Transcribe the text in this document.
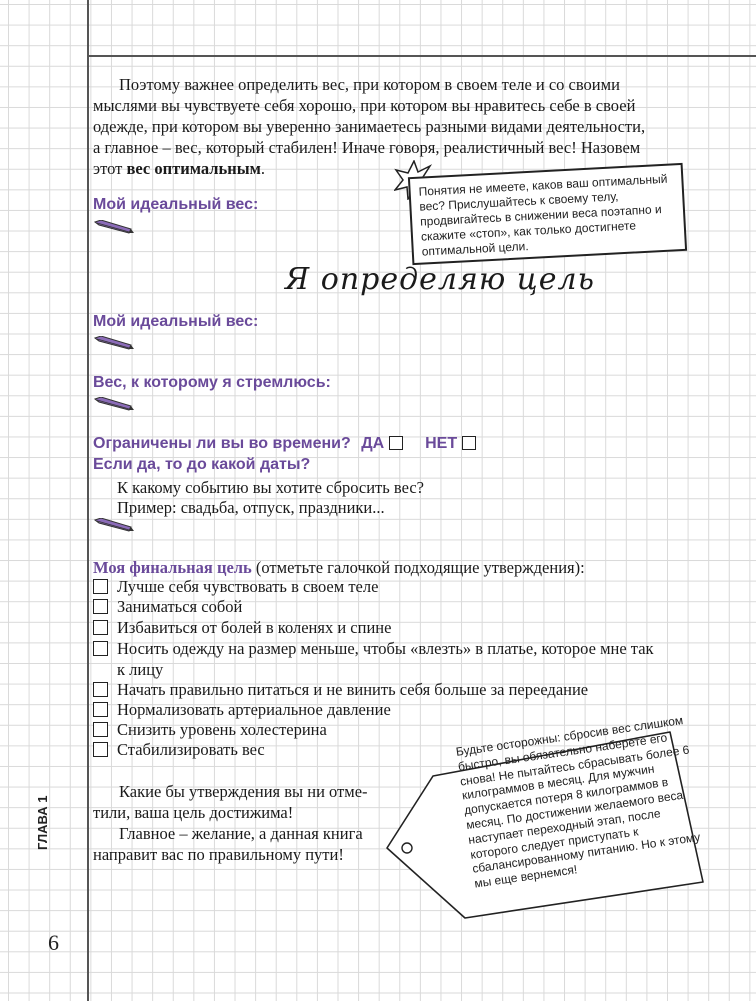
Поэтому важнее определить вес, при котором в своем теле и со своими
мыслями вы чувствуете себя хорошо, при котором вы нравитесь себе в своей
одежде, при котором вы уверенно занимаетесь разными видами деятельности,
а главное – вес, который стабилен! Иначе говоря, реалистичный вес! Назовем
этот вес оптимальным.
Мой идеальный вес:
Понятия не имеете, каков ваш оптимальный вес? Прислушайтесь к своему телу, продвигайтесь в снижении веса поэтапно и скажите «стоп», как только достигнете оптимальной цели.
Я определяю цель
Мой идеальный вес:
Вес, к которому я стремлюсь:
Ограничены ли вы во времени? ДА	НЕТ
Если да, то до какой даты?
К какому событию вы хотите сбросить вес?
Пример: свадьба, отпуск, праздники...
Моя финальная цель (отметьте галочкой подходящие утверждения):
Лучше себя чувствовать в своем теле
Заниматься собой
Избавиться от болей в коленях и спине
Носить одежду на размер меньше, чтобы «влезть» в платье, которое мне так
к лицу
Начать правильно питаться и не винить себя больше за переедание
Нормализовать артериальное давление
Снизить уровень холестерина
Стабилизировать вес
Какие бы утверждения вы ни отме-
тили, ваша цель достижима!
Главное – желание, а данная книга
направит вас по правильному пути!
Будьте осторожны: сбросив вес слишком быстро, вы обязательно наберете его снова! Не пытайтесь сбрасывать более 6 килограммов в месяц. Для мужчин допускается потеря 8 килограммов в месяц. По достижении желаемого веса наступает переходный этап, после которого следует приступать к сбалансированному питанию. Но к этому мы еще вернемся!
ГЛАВА 1
6
